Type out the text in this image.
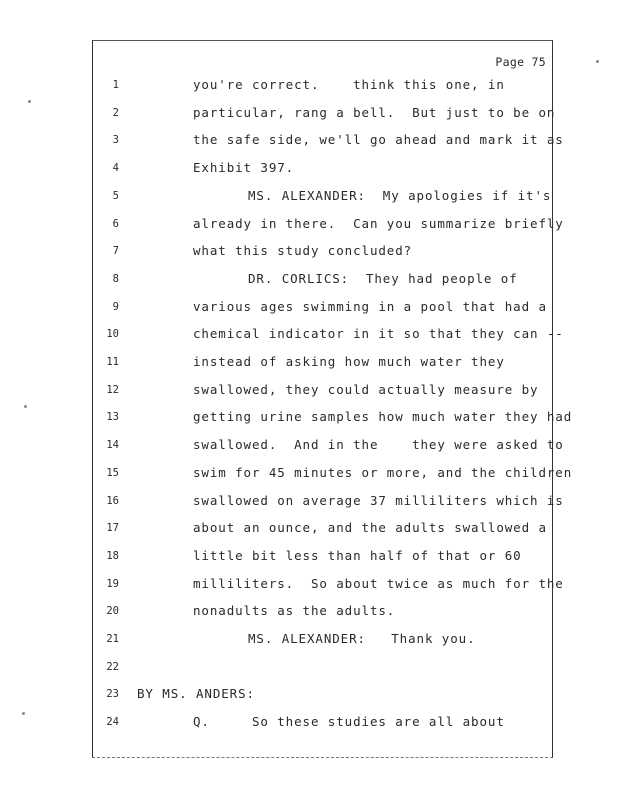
Page 75
1	you're correct.    think this one, in
2	particular, rang a bell.  But just to be on
3	the safe side, we'll go ahead and mark it as
4	Exhibit 397.
5	MS. ALEXANDER:  My apologies if it's
6	already in there.  Can you summarize briefly
7	what this study concluded?
8	DR. CORLICS:  They had people of
9	various ages swimming in a pool that had a
10	chemical indicator in it so that they can --
11	instead of asking how much water they
12	swallowed, they could actually measure by
13	getting urine samples how much water they had
14	swallowed.  And in the    they were asked to
15	swim for 45 minutes or more, and the children
16	swallowed on average 37 milliliters which is
17	about an ounce, and the adults swallowed a
18	little bit less than half of that or 60
19	milliliters.  So about twice as much for the
20	nonadults as the adults.
21	MS. ALEXANDER:   Thank you.
22
23 BY MS. ANDERS:
24	Q.     So these studies are all about
